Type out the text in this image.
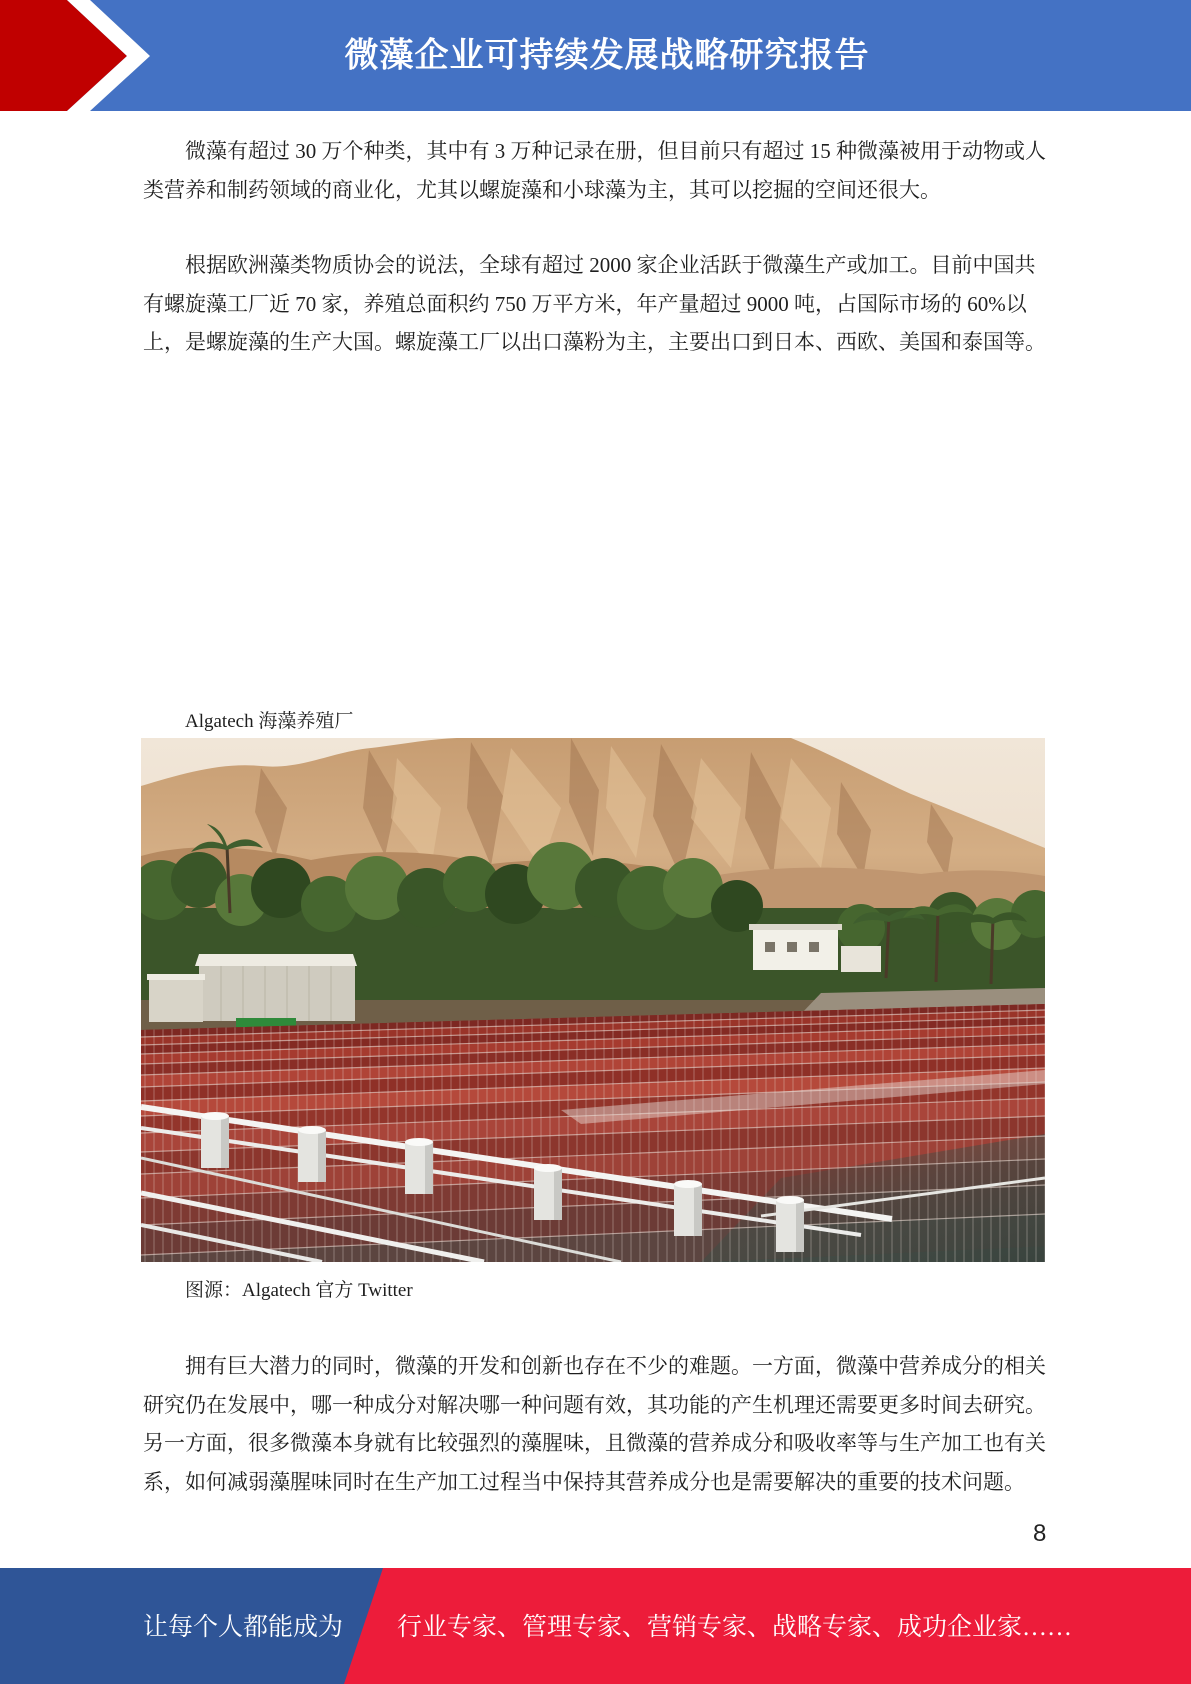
微藻企业可持续发展战略研究报告
微藻有超过 30 万个种类，其中有 3 万种记录在册，但目前只有超过 15 种微藻被用于动物或人
类营养和制药领域的商业化，尤其以螺旋藻和小球藻为主，其可以挖掘的空间还很大。
根据欧洲藻类物质协会的说法，全球有超过 2000 家企业活跃于微藻生产或加工。目前中国共
有螺旋藻工厂近 70 家，养殖总面积约 750 万平方米，年产量超过 9000 吨，占国际市场的 60%以
上，是螺旋藻的生产大国。螺旋藻工厂以出口藻粉为主，主要出口到日本、西欧、美国和泰国等。
Algatech 海藻养殖厂
图源：Algatech 官方 Twitter
拥有巨大潜力的同时，微藻的开发和创新也存在不少的难题。一方面，微藻中营养成分的相关
研究仍在发展中，哪一种成分对解决哪一种问题有效，其功能的产生机理还需要更多时间去研究。
另一方面，很多微藻本身就有比较强烈的藻腥味，且微藻的营养成分和吸收率等与生产加工也有关
系，如何减弱藻腥味同时在生产加工过程当中保持其营养成分也是需要解决的重要的技术问题。
8
让每个人都能成为 行业专家、管理专家、营销专家、战略专家、成功企业家……
